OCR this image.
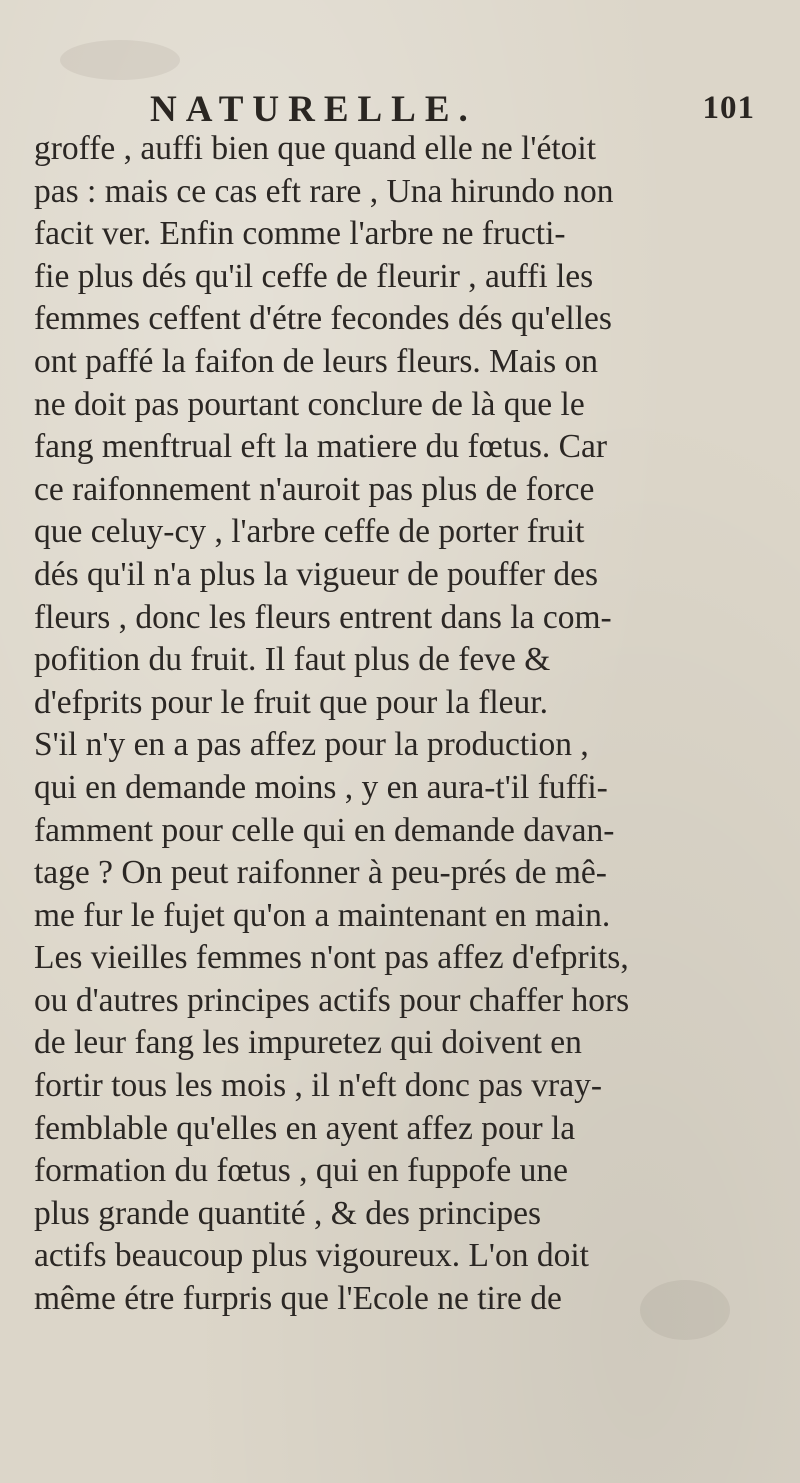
NATURELLE.	101
groffe , auffi bien que quand elle ne l'étoit
pas : mais ce cas eft rare , Una hirundo non
facit ver. Enfin comme l'arbre ne fructi-
fie plus dés qu'il ceffe de fleurir , auffi les
femmes ceffent d'étre fecondes dés qu'elles
ont paffé la faifon de leurs fleurs. Mais on
ne doit pas pourtant conclure de là que le
fang menftrual eft la matiere du fœtus. Car
ce raifonnement n'auroit pas plus de force
que celuy-cy , l'arbre ceffe de porter fruit
dés qu'il n'a plus la vigueur de pouffer des
fleurs , donc les fleurs entrent dans la com-
pofition du fruit. Il faut plus de feve &
d'efprits pour le fruit que pour la fleur.
S'il n'y en a pas affez pour la production ,
qui en demande moins , y en aura-t'il fuffi-
famment pour celle qui en demande davan-
tage ? On peut raifonner à peu-prés de mê-
me fur le fujet qu'on a maintenant en main.
Les vieilles femmes n'ont pas affez d'efprits,
ou d'autres principes actifs pour chaffer hors
de leur fang les impuretez qui doivent en
fortir tous les mois , il n'eft donc pas vray-
femblable qu'elles en ayent affez pour la
formation du fœtus , qui en fuppofe une
plus grande quantité , & des principes
actifs beaucoup plus vigoureux. L'on doit
même étre furpris que l'Ecole ne tire de
